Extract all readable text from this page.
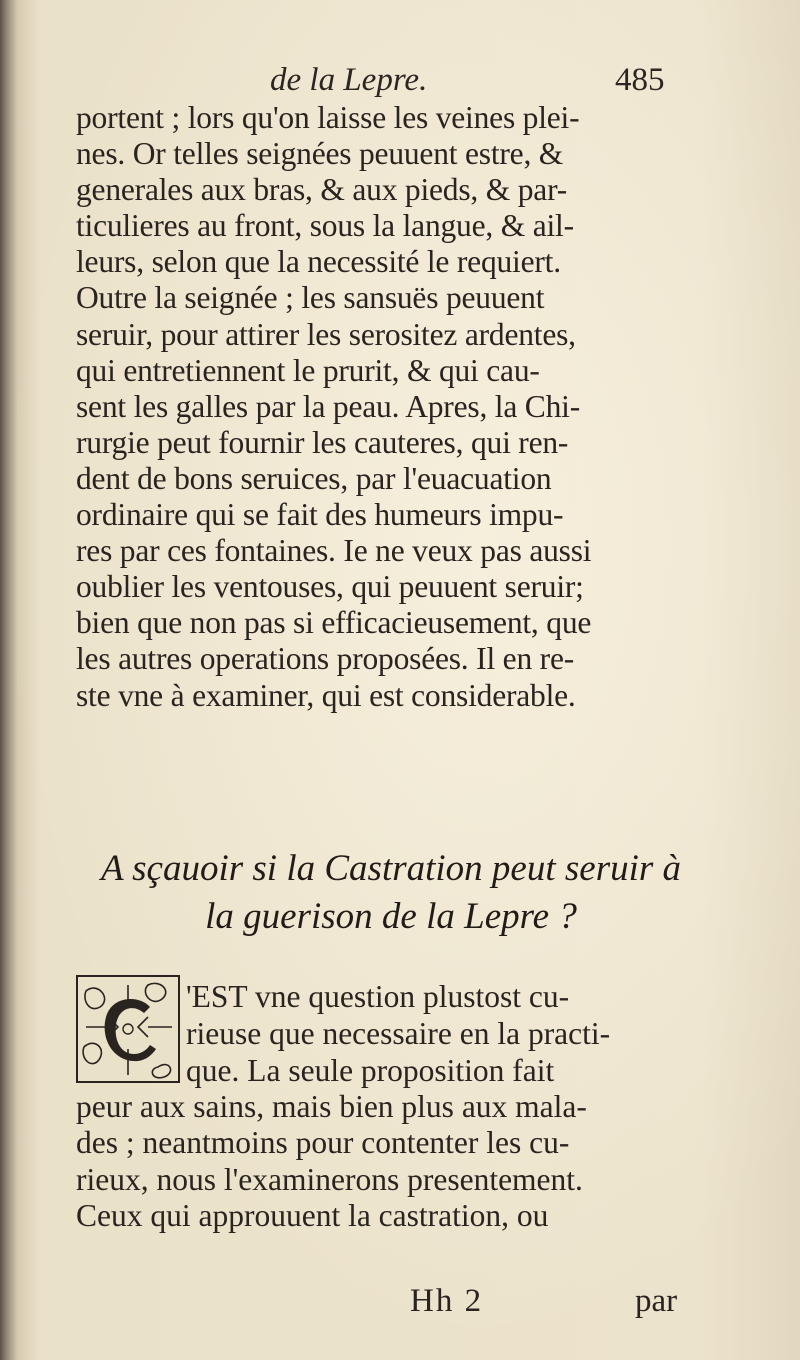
de la Lepre.	485
portent ; lors qu'on laisse les veines plei-
nes. Or telles seignées peuuent estre, &
generales aux bras, & aux pieds, & par-
ticulieres au front, sous la langue, & ail-
leurs, selon que la necessité le requiert.
Outre la seignée ; les sansuës peuuent
seruir, pour attirer les serositez ardentes,
qui entretiennent le prurit, & qui cau-
sent les galles par la peau. Apres, la Chi-
rurgie peut fournir les cauteres, qui ren-
dent de bons seruices, par l'euacuation
ordinaire qui se fait des humeurs impu-
res par ces fontaines. Ie ne veux pas aussi
oublier les ventouses, qui peuuent seruir;
bien que non pas si efficacieusement, que
les autres operations proposées. Il en re-
ste vne à examiner, qui est considerable.
A sçauoir si la Castration peut seruir à
la guerison de la Lepre ?
'EST vne question plustost cu-
rieuse que necessaire en la practi-
que. La seule proposition fait
peur aux sains, mais bien plus aux mala-
des ; neantmoins pour contenter les cu-
rieux, nous l'examinerons presentement.
Ceux qui approuuent la castration, ou
Hh 2	par
